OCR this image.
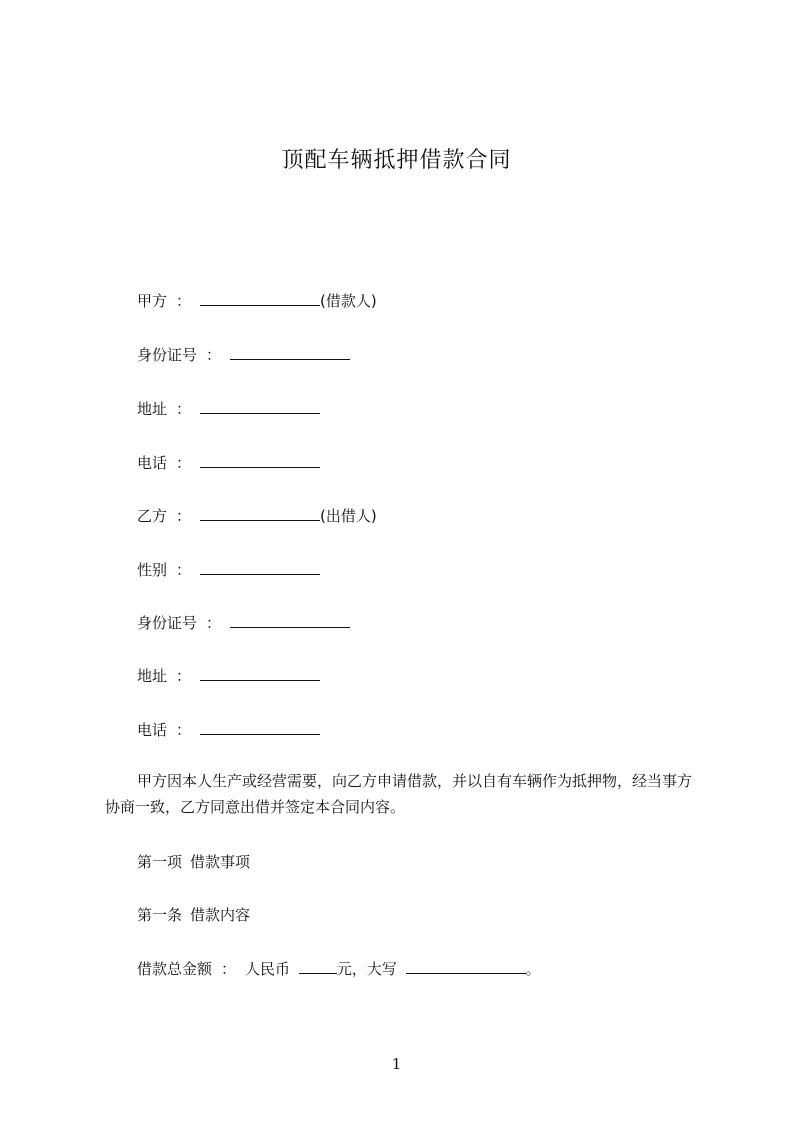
顶配车辆抵押借款合同
甲方 ：	(借款人)
身份证号 ：
地址 ：
电话 ：
乙方 ：	(出借人)
性别 ：
身份证号 ：
地址 ：
电话 ：
甲方因本人生产或经营需要，向乙方申请借款，并以自有车辆作为抵押物，经当事方协商一致，乙方同意出借并签定本合同内容。
第一项 借款事项
第一条 借款内容
借款总金额 ： 人民币	元，大写	。
1
